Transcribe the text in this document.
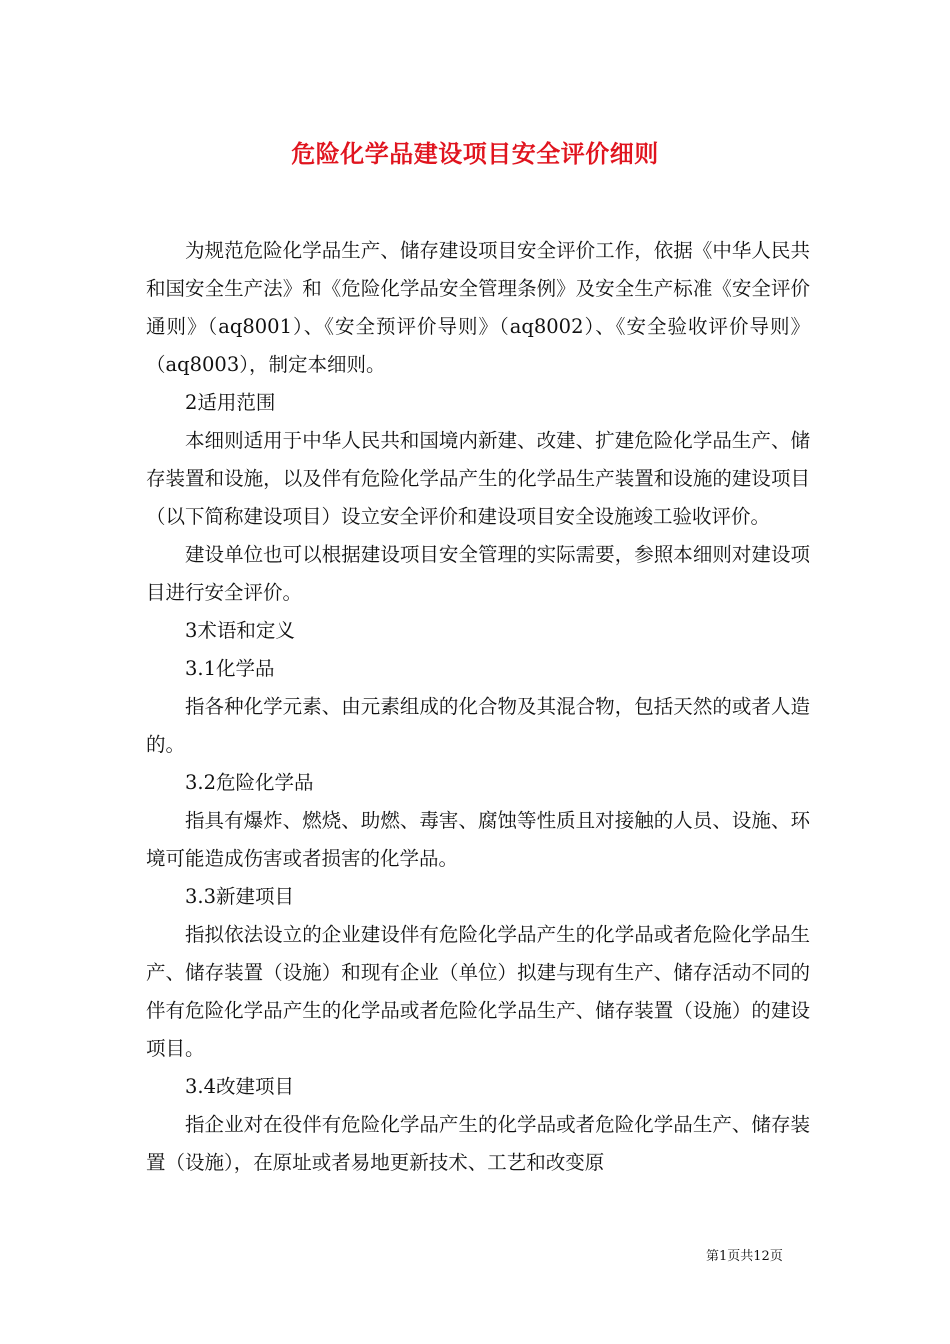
危险化学品建设项目安全评价细则

为规范危险化学品生产、储存建设项目安全评价工作，依据《中华人民共和国安全生产法》和《危险化学品安全管理条例》及安全生产标准《安全评价通则》（aq8001）、《安全预评价导则》（aq8002）、《安全验收评价导则》（aq8003），制定本细则。

2适用范围

本细则适用于中华人民共和国境内新建、改建、扩建危险化学品生产、储存装置和设施，以及伴有危险化学品产生的化学品生产装置和设施的建设项目（以下简称建设项目）设立安全评价和建设项目安全设施竣工验收评价。

建设单位也可以根据建设项目安全管理的实际需要，参照本细则对建设项目进行安全评价。

3术语和定义

3.1化学品

指各种化学元素、由元素组成的化合物及其混合物，包括天然的或者人造的。

3.2危险化学品

指具有爆炸、燃烧、助燃、毒害、腐蚀等性质且对接触的人员、设施、环境可能造成伤害或者损害的化学品。

3.3新建项目

指拟依法设立的企业建设伴有危险化学品产生的化学品或者危险化学品生产、储存装置（设施）和现有企业（单位）拟建与现有生产、储存活动不同的伴有危险化学品产生的化学品或者危险化学品生产、储存装置（设施）的建设项目。

3.4改建项目

指企业对在役伴有危险化学品产生的化学品或者危险化学品生产、储存装置（设施），在原址或者易地更新技术、工艺和改变原

第1页共12页
